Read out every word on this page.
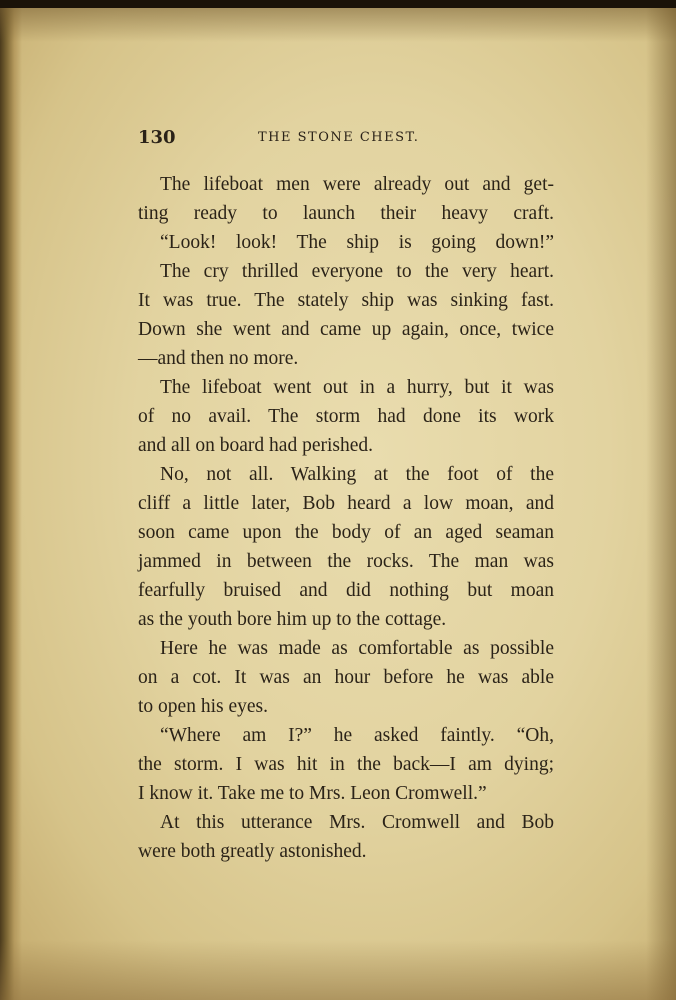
130	THE STONE CHEST.
The lifeboat men were already out and get-
ting ready to launch their heavy craft.
“Look! look! The ship is going down!”
The cry thrilled everyone to the very heart.
It was true. The stately ship was sinking fast.
Down she went and came up again, once, twice
—and then no more.
The lifeboat went out in a hurry, but it was
of no avail. The storm had done its work
and all on board had perished.
No, not all. Walking at the foot of the
cliff a little later, Bob heard a low moan, and
soon came upon the body of an aged seaman
jammed in between the rocks. The man was
fearfully bruised and did nothing but moan
as the youth bore him up to the cottage.
Here he was made as comfortable as possible
on a cot. It was an hour before he was able
to open his eyes.
“Where am I?” he asked faintly. “Oh,
the storm. I was hit in the back—I am dying;
I know it. Take me to Mrs. Leon Cromwell.”
At this utterance Mrs. Cromwell and Bob
were both greatly astonished.
